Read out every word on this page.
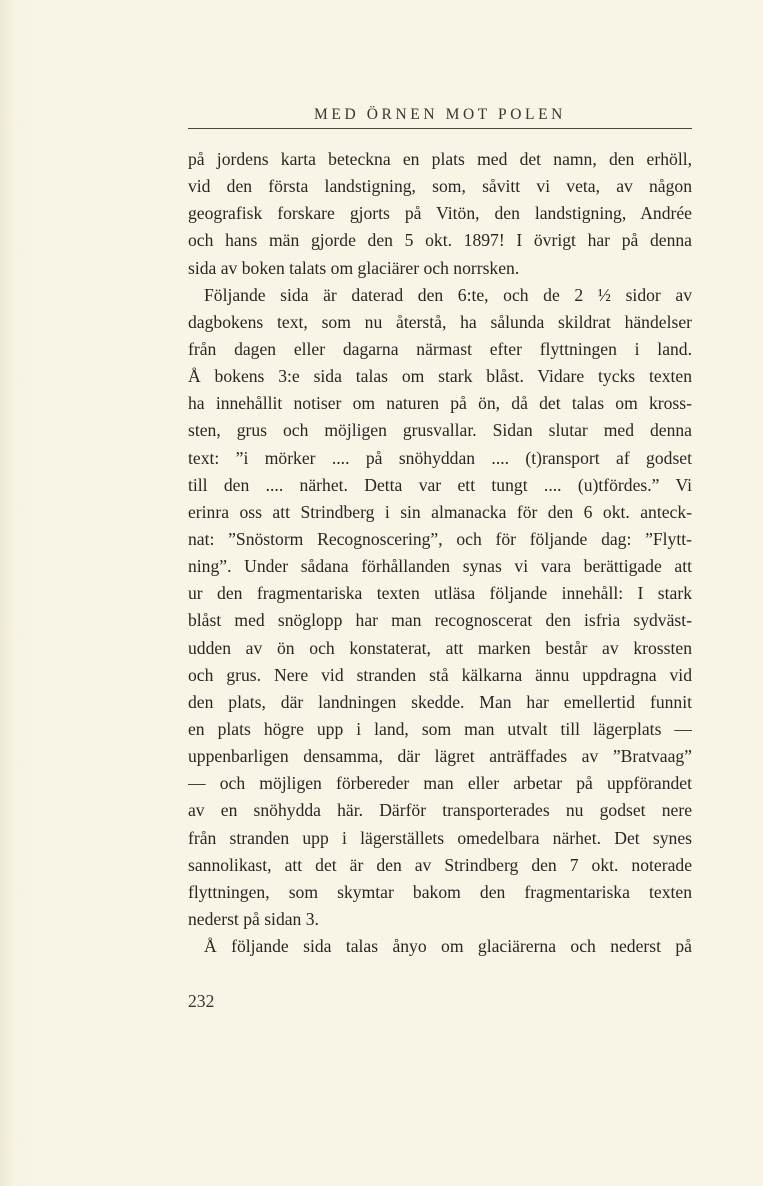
MED ÖRNEN MOT POLEN
på jordens karta beteckna en plats med det namn, den erhöll,
vid den första landstigning, som, såvitt vi veta, av någon
geografisk forskare gjorts på Vitön, den landstigning, Andrée
och hans män gjorde den 5 okt. 1897! I övrigt har på denna
sida av boken talats om glaciärer och norrsken.
Följande sida är daterad den 6:te, och de 2 ½ sidor av
dagbokens text, som nu återstå, ha sålunda skildrat händelser
från dagen eller dagarna närmast efter flyttningen i land.
Å bokens 3:e sida talas om stark blåst. Vidare tycks texten
ha innehållit notiser om naturen på ön, då det talas om kross-
sten, grus och möjligen grusvallar. Sidan slutar med denna
text: ”i mörker .... på snöhyddan .... (t)ransport af godset
till den .... närhet. Detta var ett tungt .... (u)tfördes.” Vi
erinra oss att Strindberg i sin almanacka för den 6 okt. anteck-
nat: ”Snöstorm Recognoscering”, och för följande dag: ”Flytt-
ning”. Under sådana förhållanden synas vi vara berättigade att
ur den fragmentariska texten utläsa följande innehåll: I stark
blåst med snöglopp har man recognoscerat den isfria sydväst-
udden av ön och konstaterat, att marken består av krossten
och grus. Nere vid stranden stå kälkarna ännu uppdragna vid
den plats, där landningen skedde. Man har emellertid funnit
en plats högre upp i land, som man utvalt till lägerplats —
uppenbarligen densamma, där lägret anträffades av ”Bratvaag”
— och möjligen förbereder man eller arbetar på uppförandet
av en snöhydda här. Därför transporterades nu godset nere
från stranden upp i lägerställets omedelbara närhet. Det synes
sannolikast, att det är den av Strindberg den 7 okt. noterade
flyttningen, som skymtar bakom den fragmentariska texten
nederst på sidan 3.
Å följande sida talas ånyo om glaciärerna och nederst på
232
